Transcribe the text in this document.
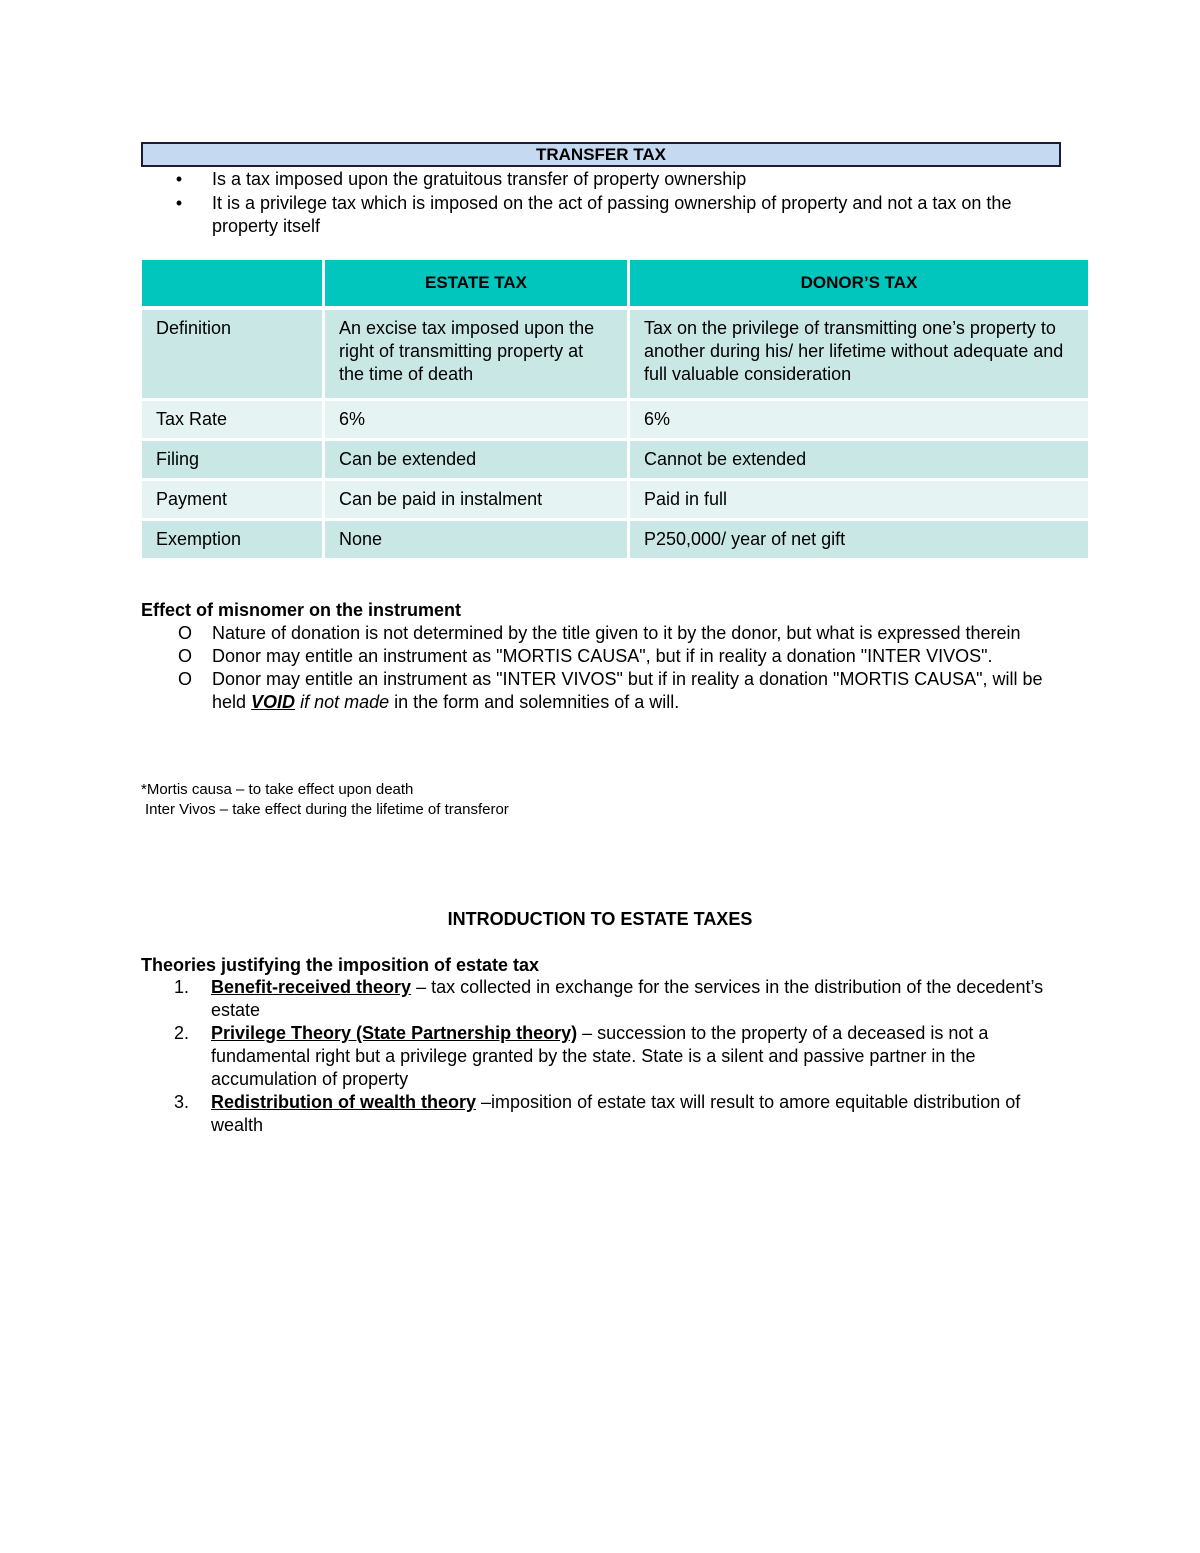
TRANSFER TAX
• Is a tax imposed upon the gratuitous transfer of property ownership
• It is a privilege tax which is imposed on the act of passing ownership of property and not a tax on the property itself
	ESTATE TAX	DONOR’S TAX
Definition	An excise tax imposed upon the right of transmitting property at the time of death	Tax on the privilege of transmitting one’s property to another during his/ her lifetime without adequate and full valuable consideration
Tax Rate	6%	6%
Filing	Can be extended	Cannot be extended
Payment	Can be paid in instalment	Paid in full
Exemption	None	P250,000/ year of net gift
Effect of misnomer on the instrument
O Nature of donation is not determined by the title given to it by the donor, but what is expressed therein
O Donor may entitle an instrument as "MORTIS CAUSA", but if in reality a donation "INTER VIVOS".
O Donor may entitle an instrument as "INTER VIVOS" but if in reality a donation "MORTIS CAUSA", will be held VOID if not made in the form and solemnities of a will.
*Mortis causa – to take effect upon death
Inter Vivos – take effect during the lifetime of transferor
INTRODUCTION TO ESTATE TAXES
Theories justifying the imposition of estate tax
1. Benefit-received theory – tax collected in exchange for the services in the distribution of the decedent’s estate
2. Privilege Theory (State Partnership theory) – succession to the property of a deceased is not a fundamental right but a privilege granted by the state. State is a silent and passive partner in the accumulation of property
3. Redistribution of wealth theory –imposition of estate tax will result to amore equitable distribution of wealth
